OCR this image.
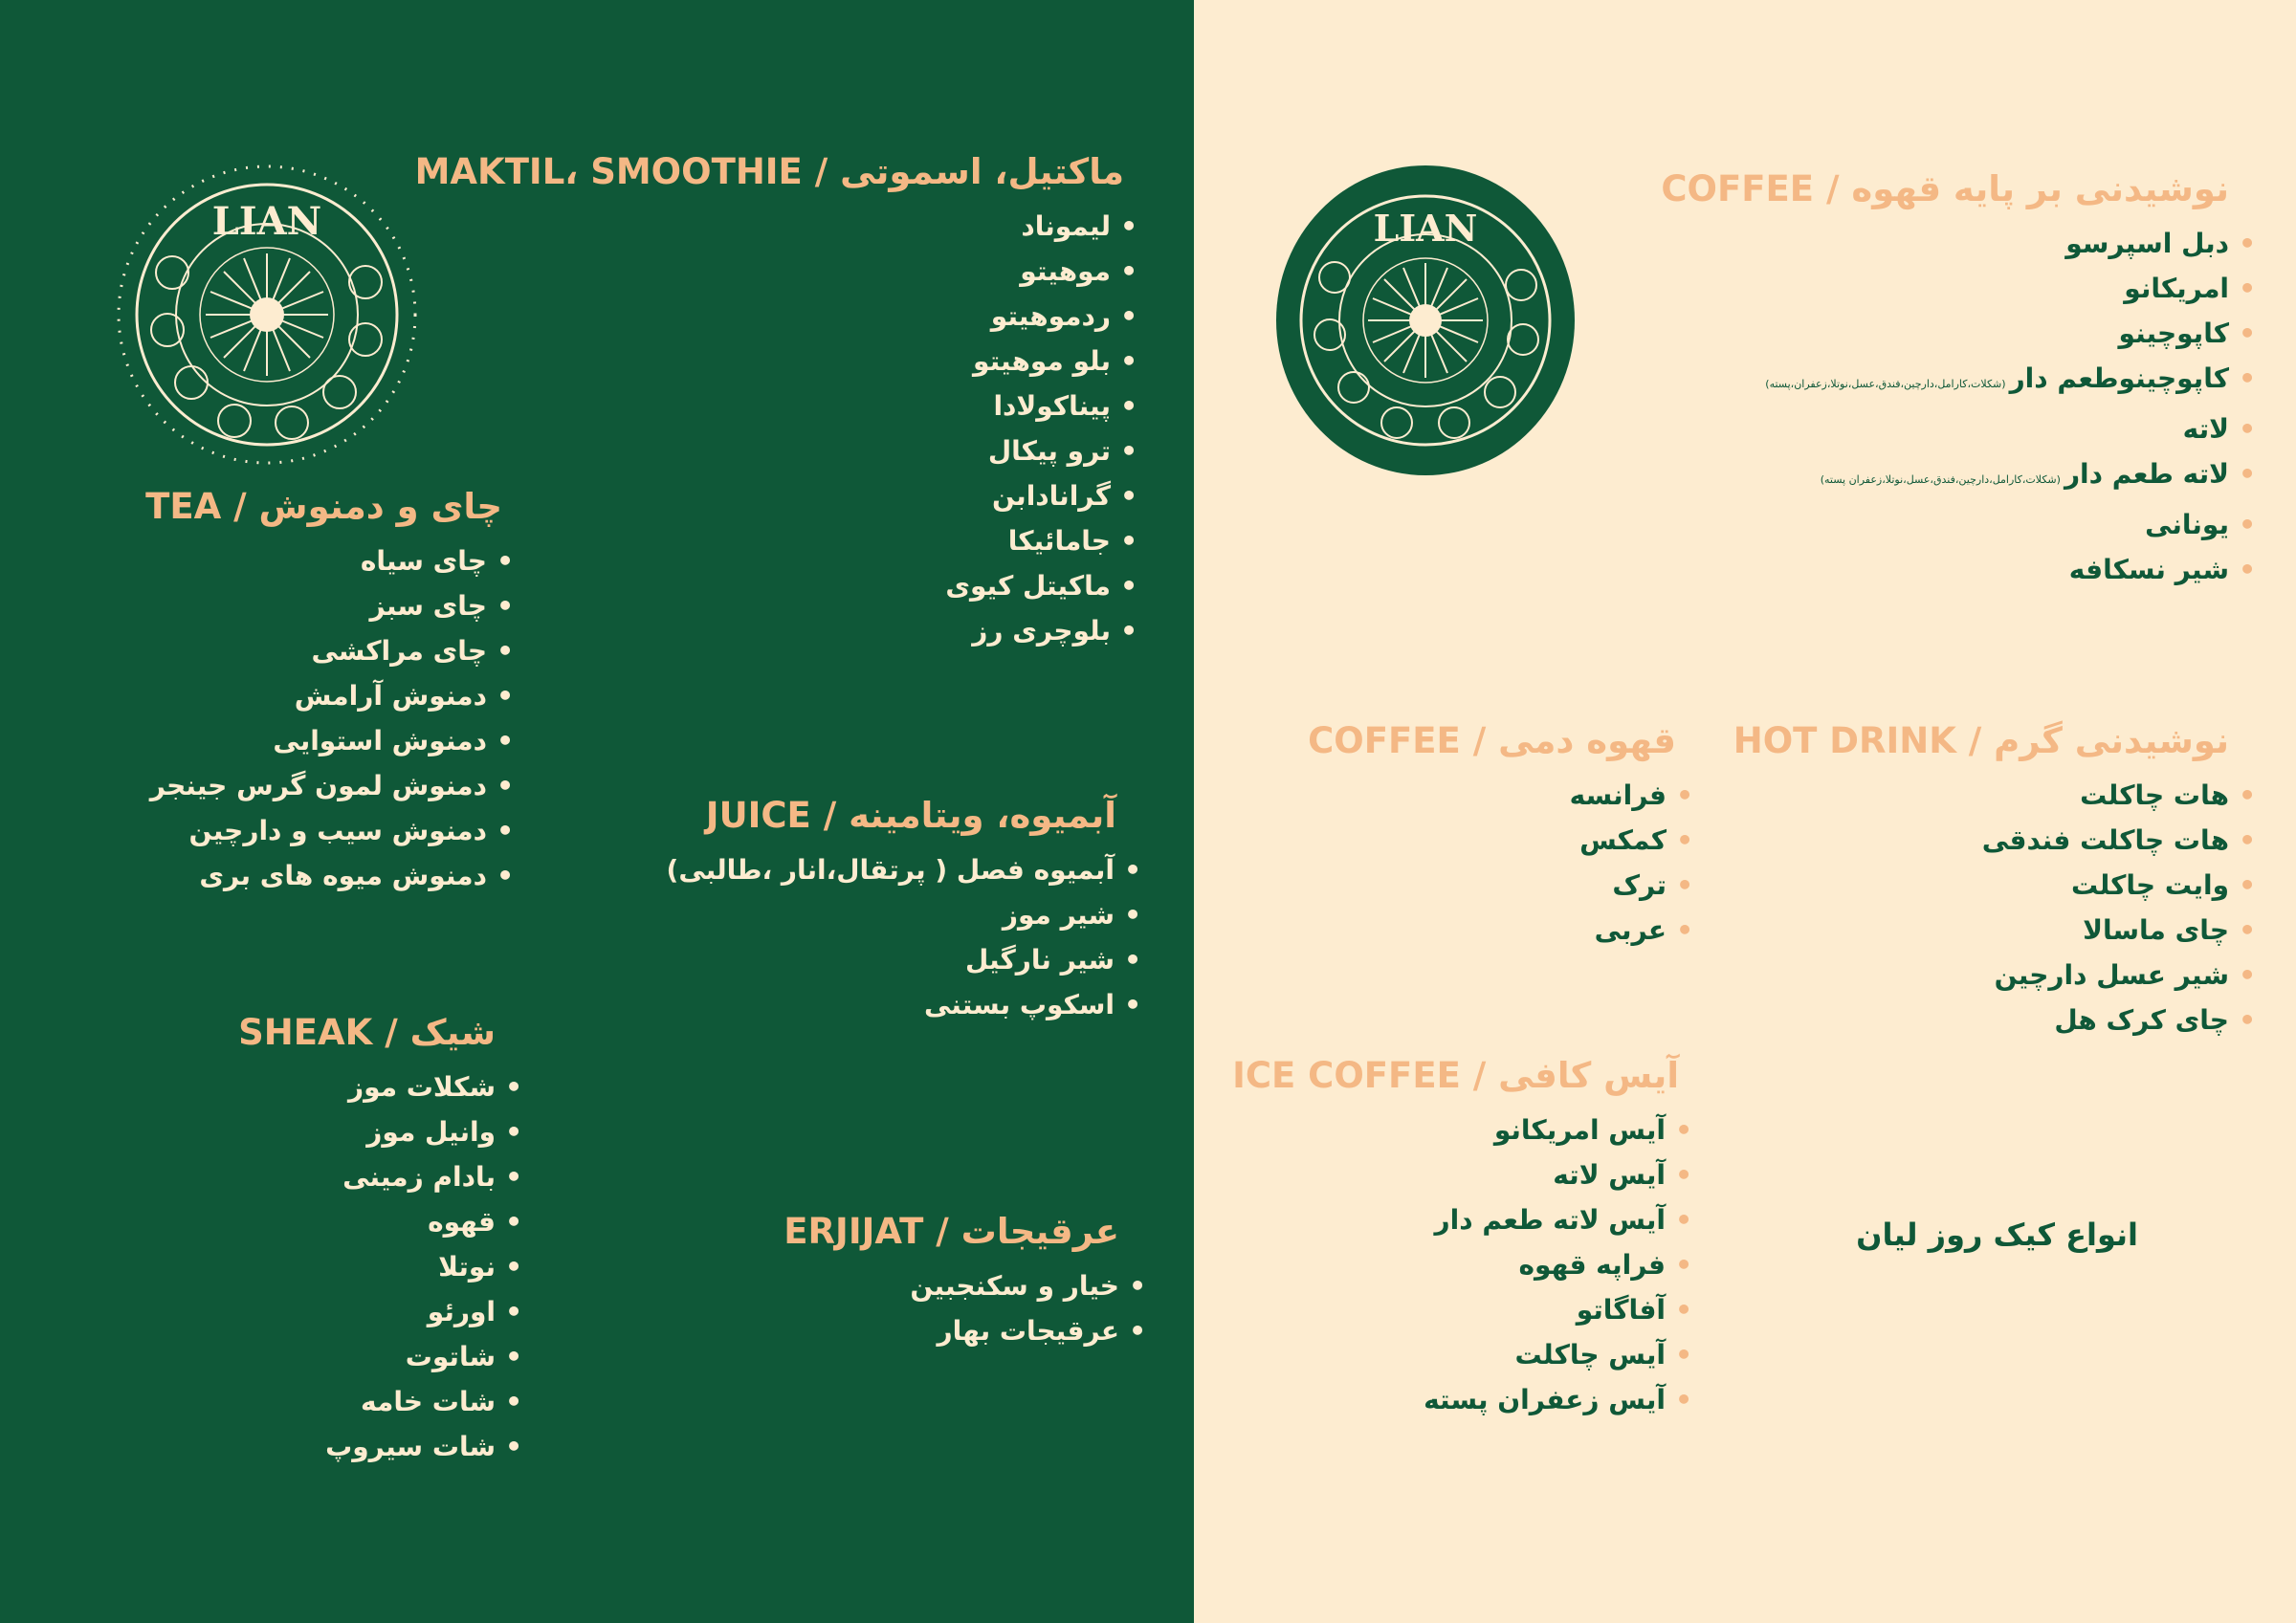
LIAN	LIAN
نوشیدنی بر پایه قهوه / COFFEE
•
دبل اسپرسو
•
امریکانو
•
کاپوچینو
•
کاپوچینوطعم دار(شکلات،کارامل،دارچین،فندق،عسل،نوتلا،زعفران،پسته)
•
لاته
•
لاته طعم دار(شکلات،کارامل،دارچین،فندق،عسل،نوتلا،زعفران پسته)
•
یونانی
•
شیر نسکافه
نوشیدنی گرم / HOT DRINK
•
هات چاکلت
•
هات چاکلت فندقی
•
وایت چاکلت
•
چای ماسالا
•
شیر عسل دارچین
•
چای کرک هل
قهوه دمی / COFFEE
•
فرانسه
•
کمکس
•
ترک
•
عربی
آیس کافی / ICE COFFEE
•
آیس امریکانو
•
آیس لاته
•
آیس لاته طعم دار
•
فراپه قهوه
•
آفاگاتو
•
آیس چاکلت
•
آیس زعفران پسته
انواع کیک روز لیان
ماکتیل، اسموتی / MAKTIL، SMOOTHIE
•
لیموناد
•
موهیتو
•
ردموهیتو
•
بلو موهیتو
•
پیناکولادا
•
ترو پیکال
•
گرانادابن
•
جامائیکا
•
ماکیتل کیوی
•
بلوچری رز
چای و دمنوش / TEA
•
چای سیاه
•
چای سبز
•
چای مراکشی
•
دمنوش آرامش
•
دمنوش استوایی
•
دمنوش لمون گرس جینجر
•
دمنوش سیب و دارچین
•
دمنوش میوه های بری
آبمیوه، ویتامینه / JUICE
•
آبمیوه فصل ( پرتقال،انار ،طالبی)
•
شیر موز
•
شیر نارگیل
•
اسکوپ بستنی
شیک / SHEAK
•
شکلات موز
•
وانیل موز
•
بادام زمینی
•
قهوه
•
نوتلا
•
اورئو
•
شاتوت
•
شات خامه
•
شات سیروپ
عرقیجات / ERJIJAT
•
خیار و سکنجبین
•
عرقیجات بهار
